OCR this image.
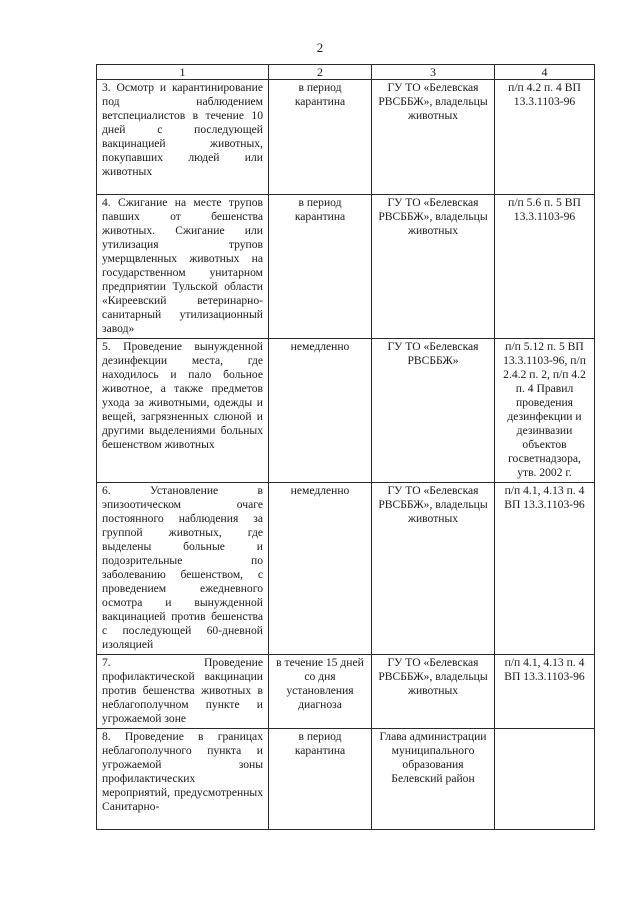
2
1	2	3	4
3. Осмотр и карантинирование под наблюдением ветспециалистов в течение 10 дней с последующей вакцинацией животных, покупавших людей или животных	в период карантина	ГУ ТО «Белевская РВСББЖ», владельцы животных	п/п 4.2 п. 4 ВП 13.3.1103-96
4. Сжигание на месте трупов павших от бешенства животных. Сжигание или утилизация трупов умерщвленных животных на государственном унитарном предприятии Тульской области «Киреевский ветеринарно-санитарный утилизационный завод»	в период карантина	ГУ ТО «Белевская РВСББЖ», владельцы животных	п/п 5.6 п. 5 ВП 13.3.1103-96
5. Проведение вынужденной дезинфекции места, где находилось и пало больное животное, а также предметов ухода за животными, одежды и вещей, загрязненных слюной и другими выделениями больных бешенством животных	немедленно	ГУ ТО «Белевская РВСББЖ»	п/п 5.12 п. 5 ВП 13.3.1103-96, п/п 2.4.2 п. 2, п/п 4.2 п. 4 Правил проведения дезинфекции и дезинвазии объектов госветнадзора, утв. 2002 г.
6. Установление в эпизоотическом очаге постоянного наблюдения за группой животных, где выделены больные и подозрительные по заболеванию бешенством, с проведением ежедневного осмотра и вынужденной вакцинацией против бешенства с последующей 60-дневной изоляцией	немедленно	ГУ ТО «Белевская РВСББЖ», владельцы животных	п/п 4.1, 4.13 п. 4 ВП 13.3.1103-96
7. Проведение профилактической вакцинации против бешенства животных в неблагополучном пункте и угрожаемой зоне	в течение 15 дней со дня установления диагноза	ГУ ТО «Белевская РВСББЖ», владельцы животных	п/п 4.1, 4.13 п. 4 ВП 13.3.1103-96
8. Проведение в границах неблагополучного пункта и угрожаемой зоны профилактических мероприятий, предусмотренных Санитарно-	в период карантина	Глава администрации муниципального образования Белевский район	
